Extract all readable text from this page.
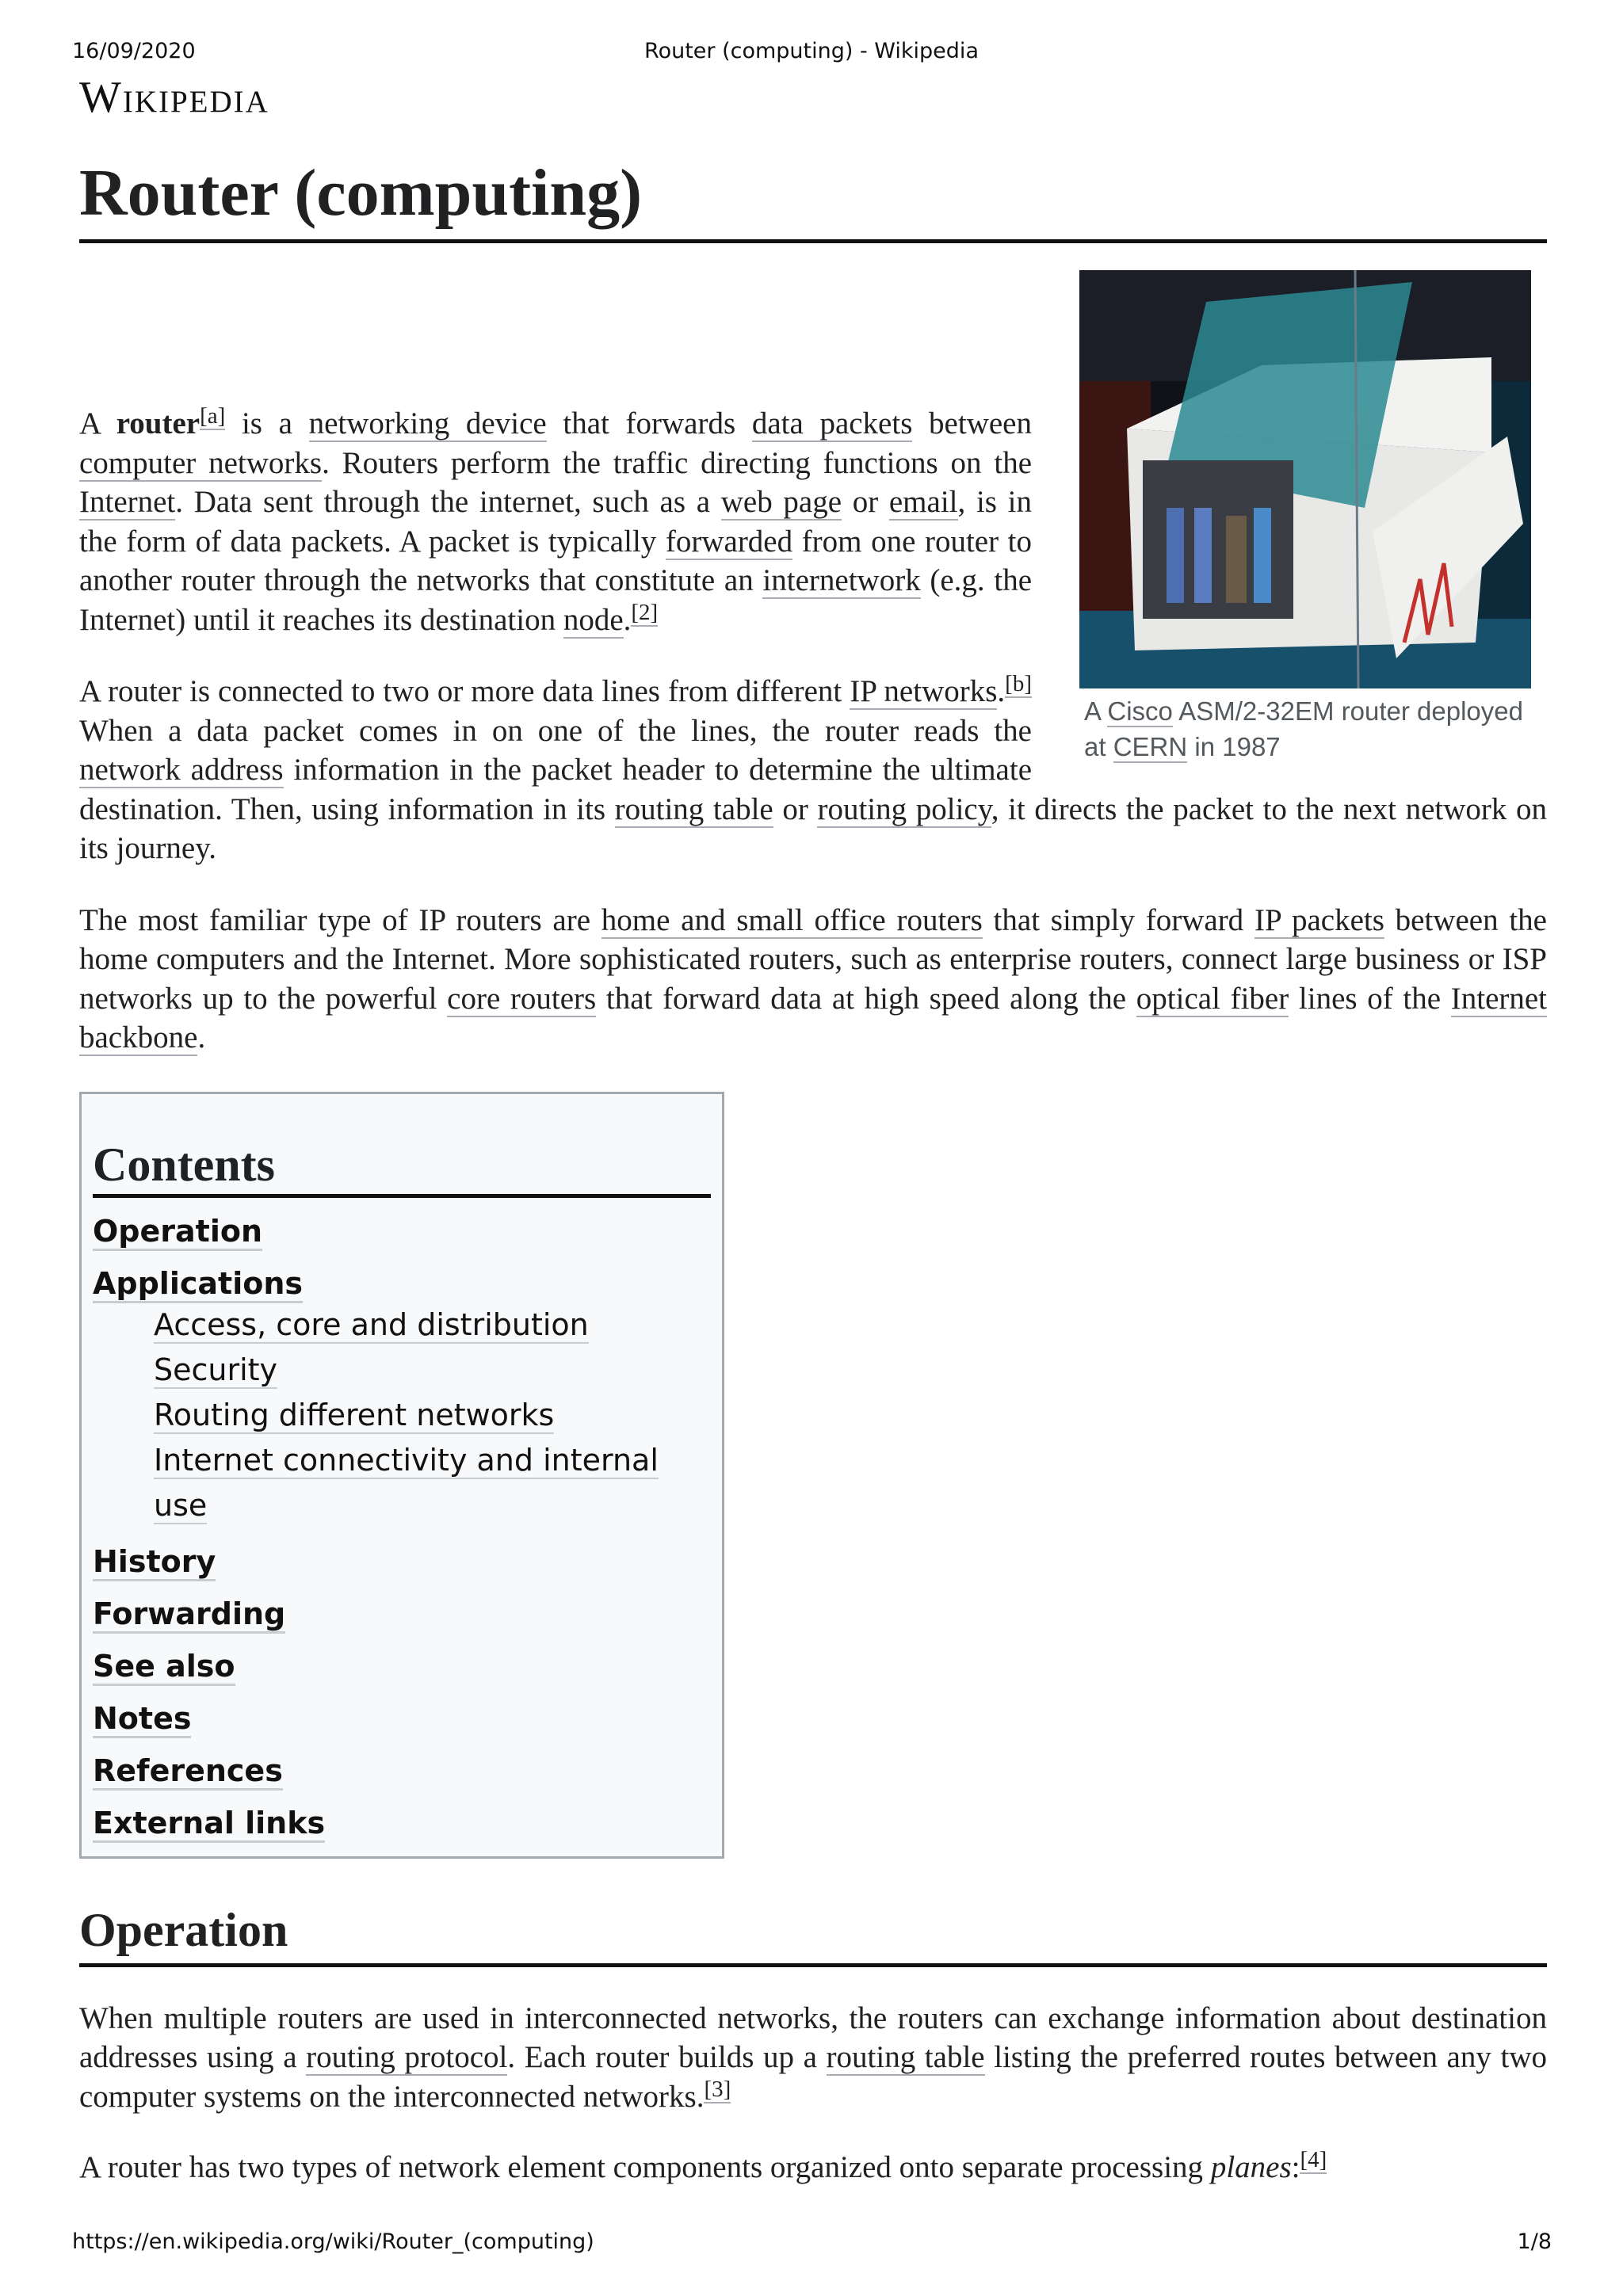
16/09/2020	Router (computing) - Wikipedia
Wikipedia
Router (computing)
A Cisco ASM/2-32EM router deployed at CERN in 1987

A router[a] is a networking device that forwards data packets between computer networks. Routers perform the traffic directing functions on the Internet. Data sent through the internet, such as a web page or email, is in the form of data packets. A packet is typically forwarded from one router to another router through the networks that constitute an internetwork (e.g. the Internet) until it reaches its destination node.[2]

A router is connected to two or more data lines from different IP networks.[b] When a data packet comes in on one of the lines, the router reads the network address information in the packet header to determine the ultimate destination. Then, using information in its routing table or routing policy, it directs the packet to the next network on its journey.

The most familiar type of IP routers are home and small office routers that simply forward IP packets between the home computers and the Internet. More sophisticated routers, such as enterprise routers, connect large business or ISP networks up to the powerful core routers that forward data at high speed along the optical fiber lines of the Internet backbone.

Contents
Operation
Applications
Access, core and distribution
Security
Routing different networks
Internet connectivity and internal use
History
Forwarding
See also
Notes
References
External links
Operation

When multiple routers are used in interconnected networks, the routers can exchange information about destination addresses using a routing protocol. Each router builds up a routing table listing the preferred routes between any two computer systems on the interconnected networks.[3]

A router has two types of network element components organized onto separate processing planes:[4]

https://en.wikipedia.org/wiki/Router_(computing)	1/8
